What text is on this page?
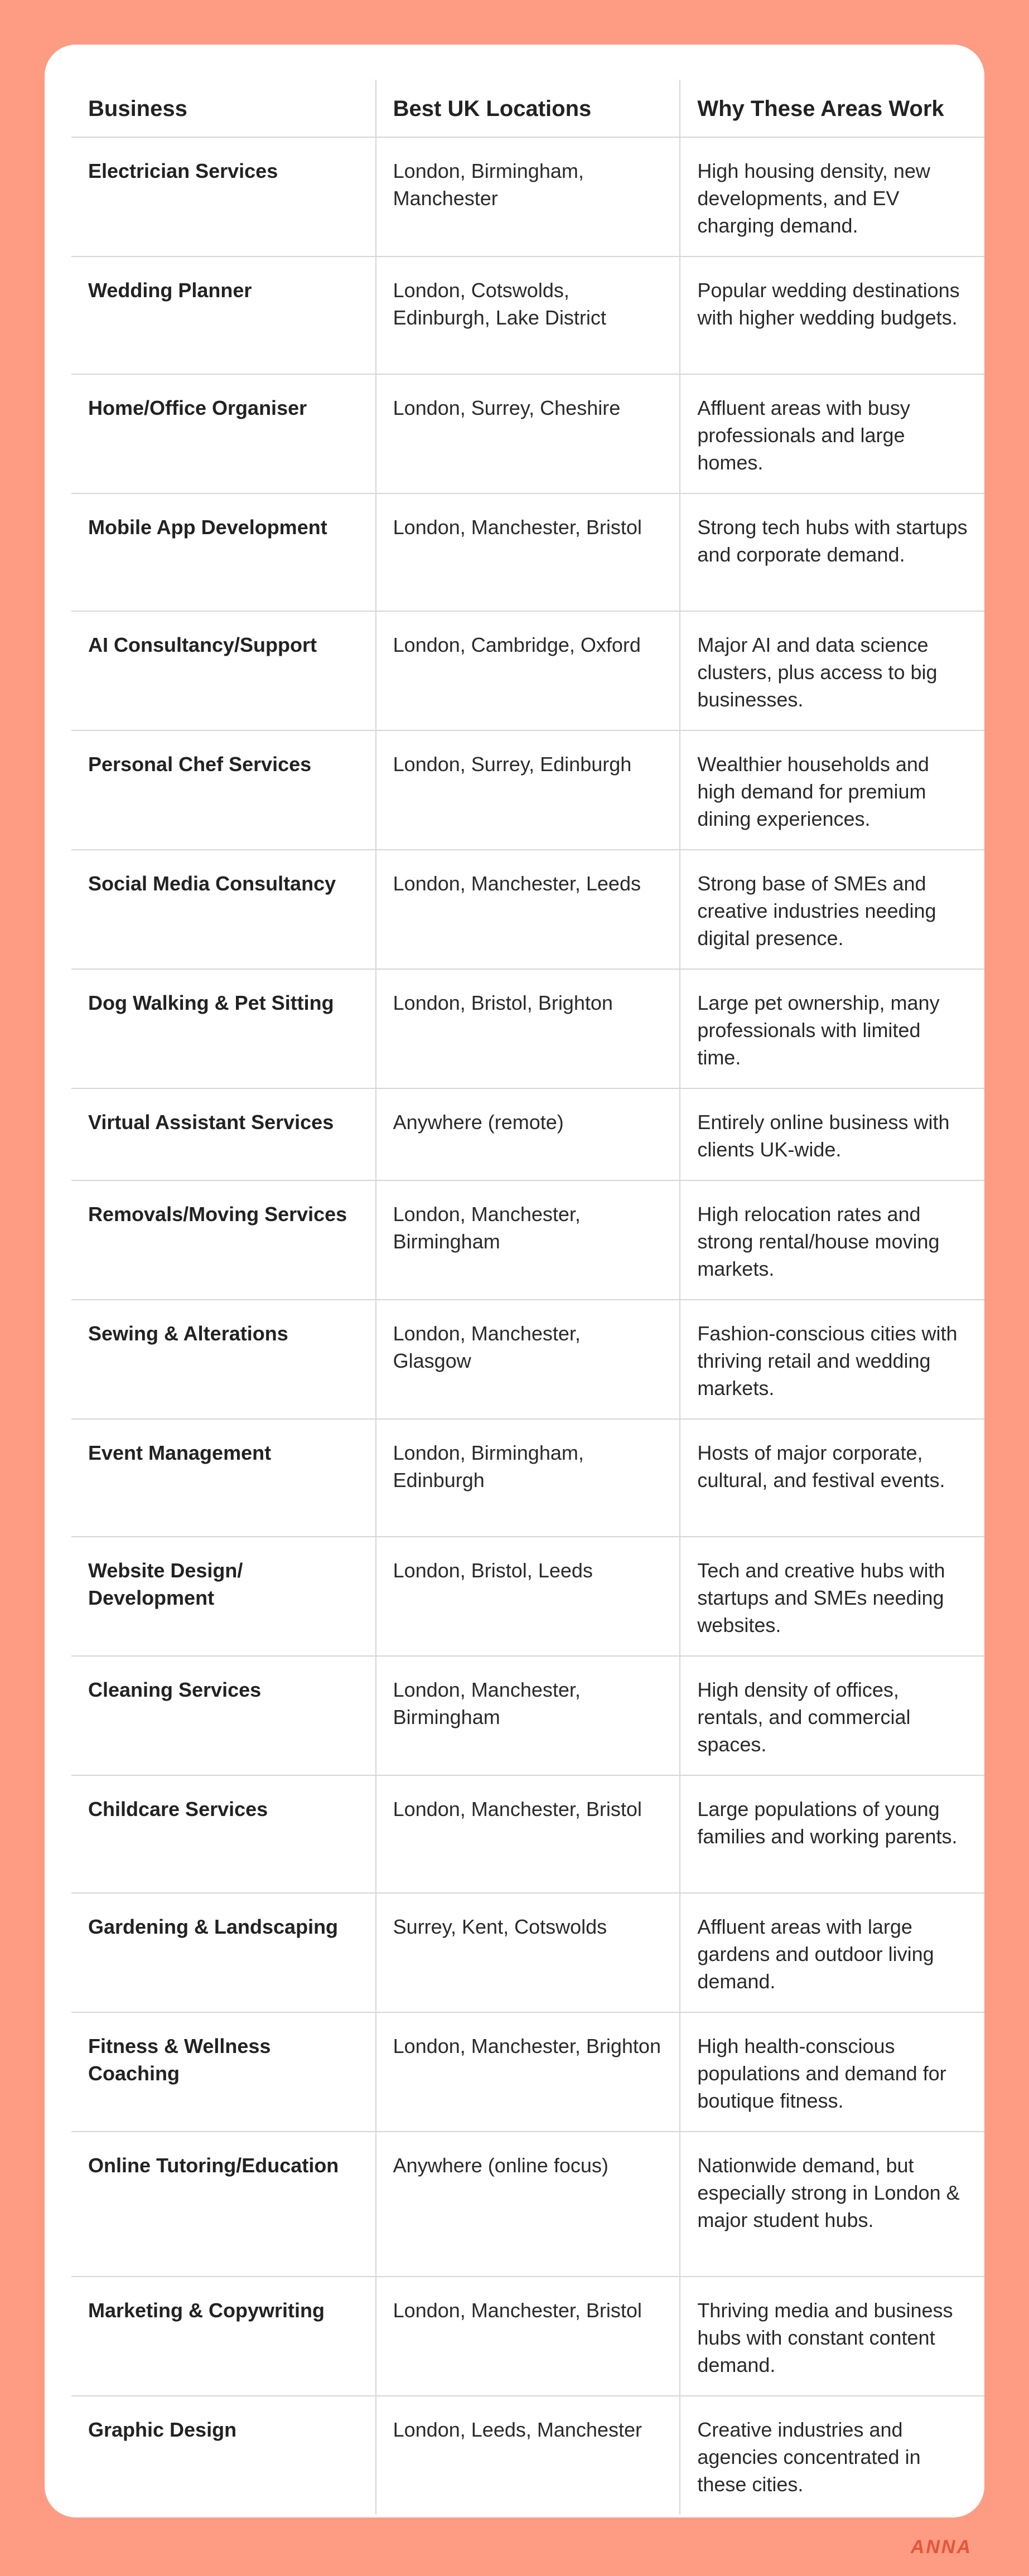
Business	Best UK Locations	Why These Areas Work
Electrician Services	London, Birmingham, Manchester	High housing density, new developments, and EV charging demand.
Wedding Planner	London, Cotswolds, Edinburgh, Lake District	Popular wedding destinations with higher wedding budgets.
Home/Office Organiser	London, Surrey, Cheshire	Affluent areas with busy professionals and large homes.
Mobile App Development	London, Manchester, Bristol	Strong tech hubs with startups and corporate demand.
AI Consultancy/Support	London, Cambridge, Oxford	Major AI and data science clusters, plus access to big businesses.
Personal Chef Services	London, Surrey, Edinburgh	Wealthier households and high demand for premium dining experiences.
Social Media Consultancy	London, Manchester, Leeds	Strong base of SMEs and creative industries needing digital presence.
Dog Walking & Pet Sitting	London, Bristol, Brighton	Large pet ownership, many professionals with limited time.
Virtual Assistant Services	Anywhere (remote)	Entirely online business with clients UK-wide.
Removals/Moving Services	London, Manchester, Birmingham	High relocation rates and strong rental/house moving markets.
Sewing & Alterations	London, Manchester, Glasgow	Fashion-conscious cities with thriving retail and wedding markets.
Event Management	London, Birmingham, Edinburgh	Hosts of major corporate, cultural, and festival events.
Website Design/ Development	London, Bristol, Leeds	Tech and creative hubs with startups and SMEs needing websites.
Cleaning Services	London, Manchester, Birmingham	High density of offices, rentals, and commercial spaces.
Childcare Services	London, Manchester, Bristol	Large populations of young families and working parents.
Gardening & Landscaping	Surrey, Kent, Cotswolds	Affluent areas with large gardens and outdoor living demand.
Fitness & Wellness Coaching	London, Manchester, Brighton	High health-conscious populations and demand for boutique fitness.
Online Tutoring/Education	Anywhere (online focus)	Nationwide demand, but especially strong in London & major student hubs.
Marketing & Copywriting	London, Manchester, Bristol	Thriving media and business hubs with constant content demand.
Graphic Design	London, Leeds, Manchester	Creative industries and agencies concentrated in these cities.
ANNA
